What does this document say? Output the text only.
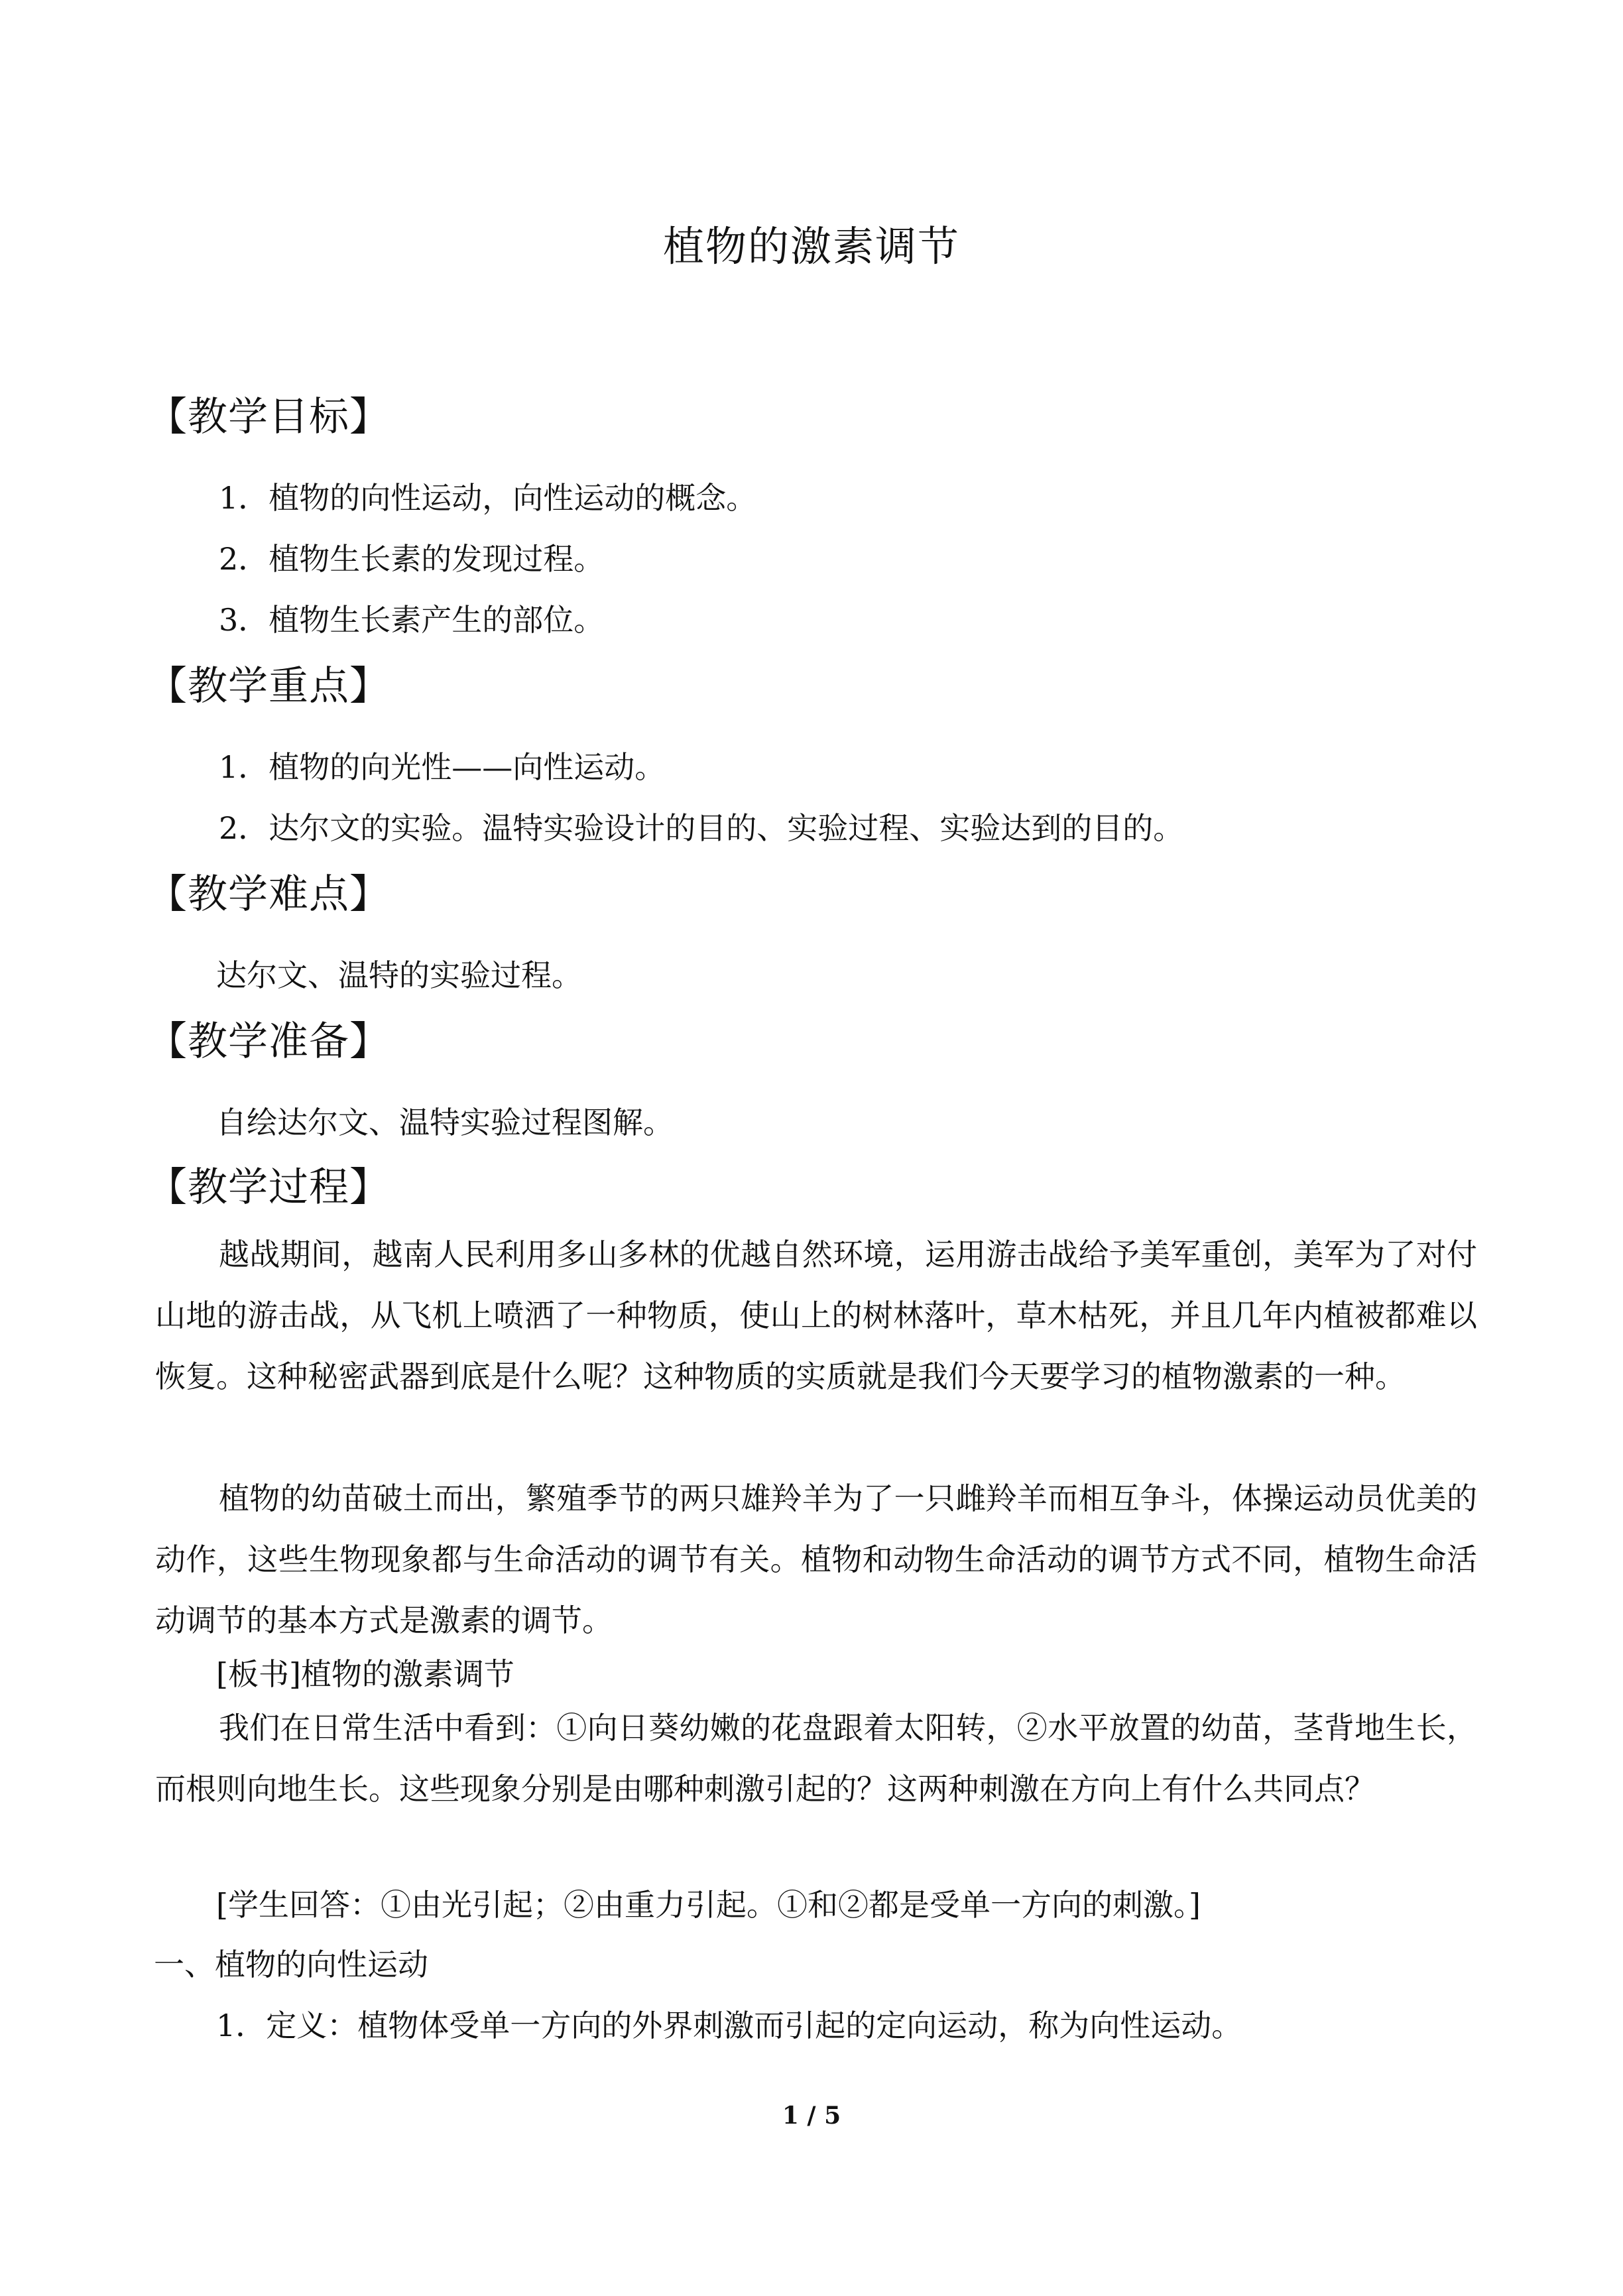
植物的激素调节
【教学目标】
1．植物的向性运动，向性运动的概念。
2．植物生长素的发现过程。
3．植物生长素产生的部位。
【教学重点】
1．植物的向光性——向性运动。
2．达尔文的实验。温特实验设计的目的、实验过程、实验达到的目的。
【教学难点】
达尔文、温特的实验过程。
【教学准备】
自绘达尔文、温特实验过程图解。
【教学过程】
越战期间，越南人民利用多山多林的优越自然环境，运用游击战给予美军重创，美军为了对付山地的游击战，从飞机上喷洒了一种物质，使山上的树林落叶，草木枯死，并且几年内植被都难以恢复。这种秘密武器到底是什么呢？这种物质的实质就是我们今天要学习的植物激素的一种。
植物的幼苗破土而出，繁殖季节的两只雄羚羊为了一只雌羚羊而相互争斗，体操运动员优美的动作，这些生物现象都与生命活动的调节有关。植物和动物生命活动的调节方式不同，植物生命活动调节的基本方式是激素的调节。
[板书]植物的激素调节
我们在日常生活中看到：①向日葵幼嫩的花盘跟着太阳转，②水平放置的幼苗，茎背地生长，而根则向地生长。这些现象分别是由哪种刺激引起的？这两种刺激在方向上有什么共同点？
[学生回答：①由光引起；②由重力引起。①和②都是受单一方向的刺激。]
一、植物的向性运动
1．定义：植物体受单一方向的外界刺激而引起的定向运动，称为向性运动。
1 / 5
